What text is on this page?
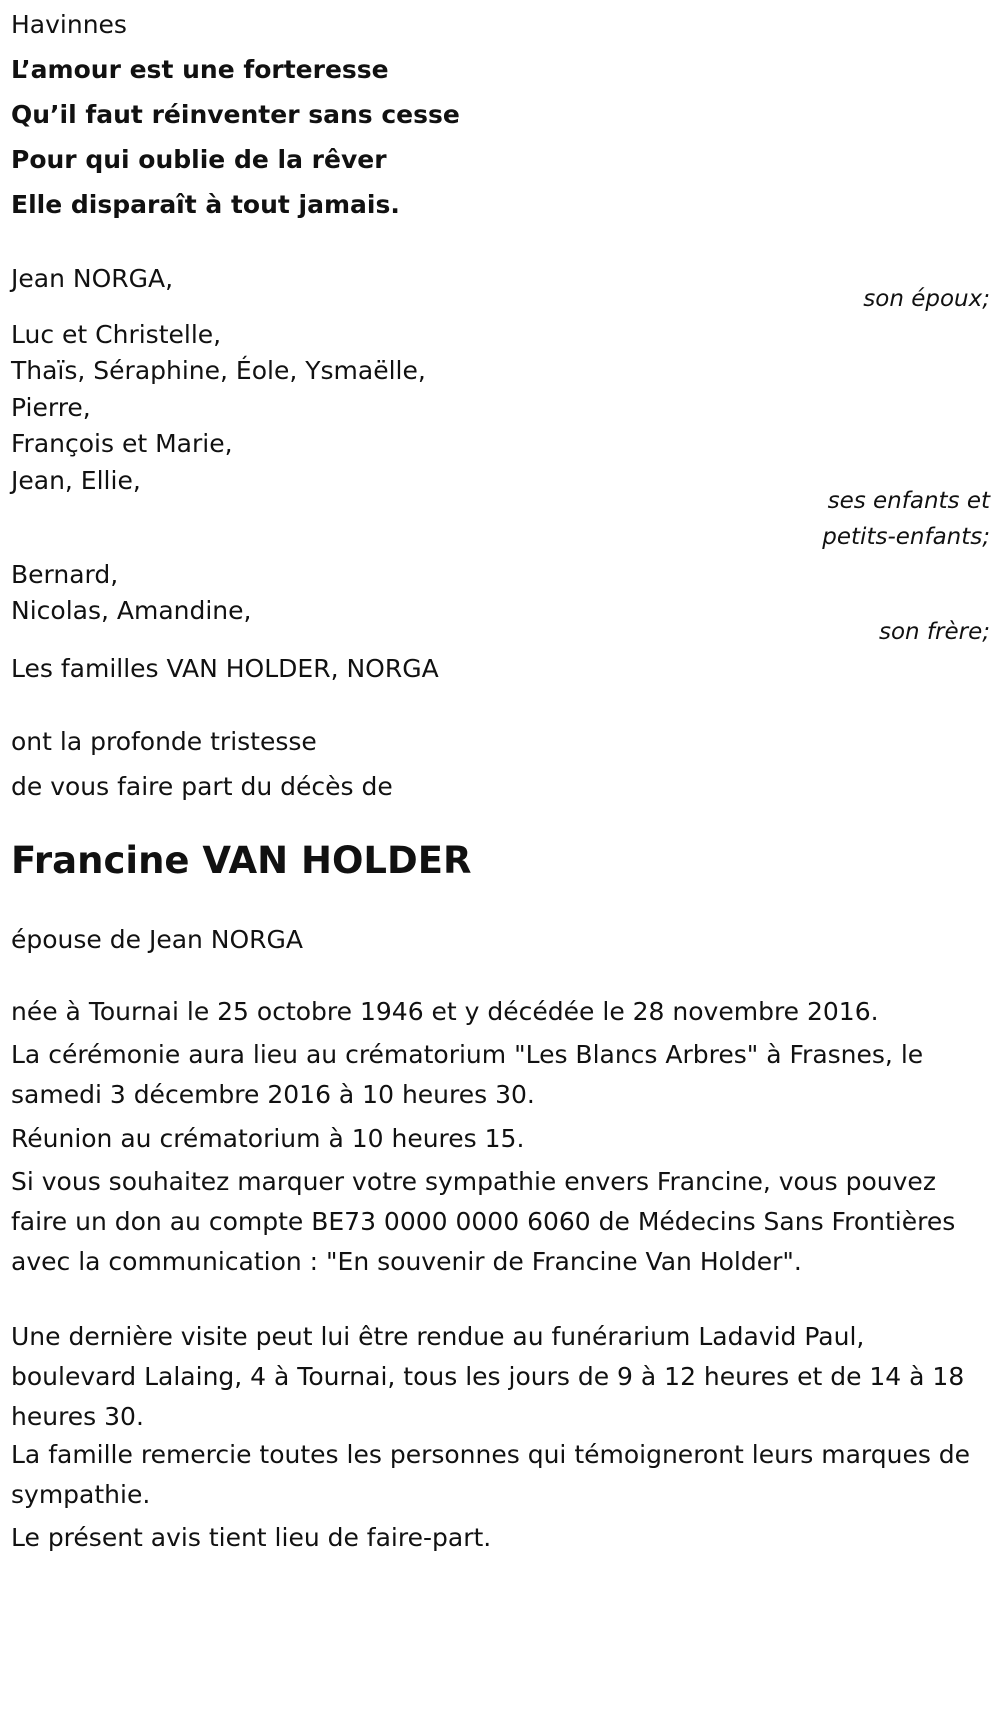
Havinnes
L’amour est une forteresse
Qu’il faut réinventer sans cesse
Pour qui oublie de la rêver
Elle disparaît à tout jamais.
Jean NORGA,
son époux;
Luc et Christelle,
Thaïs, Séraphine, Éole, Ysmaëlle,
Pierre,
François et Marie,
Jean, Ellie,
ses enfants et
petits-enfants;
Bernard,
Nicolas, Amandine,
son frère;
Les familles VAN HOLDER, NORGA
ont la profonde tristesse
de vous faire part du décès de
Francine VAN HOLDER
épouse de Jean NORGA
née à Tournai le 25 octobre 1946 et y décédée le 28 novembre 2016.
La cérémonie aura lieu au crématorium "Les Blancs Arbres" à Frasnes, le samedi 3 décembre 2016 à 10 heures 30.
Réunion au crématorium à 10 heures 15.
Si vous souhaitez marquer votre sympathie envers Francine, vous pouvez faire un don au compte BE73 0000 0000 6060 de Médecins Sans Frontières avec la communication : "En souvenir de Francine Van Holder".
Une dernière visite peut lui être rendue au funérarium Ladavid Paul, boulevard Lalaing, 4 à Tournai, tous les jours de 9 à 12 heures et de 14 à 18 heures 30.
La famille remercie toutes les personnes qui témoigneront leurs marques de sympathie.
Le présent avis tient lieu de faire-part.
